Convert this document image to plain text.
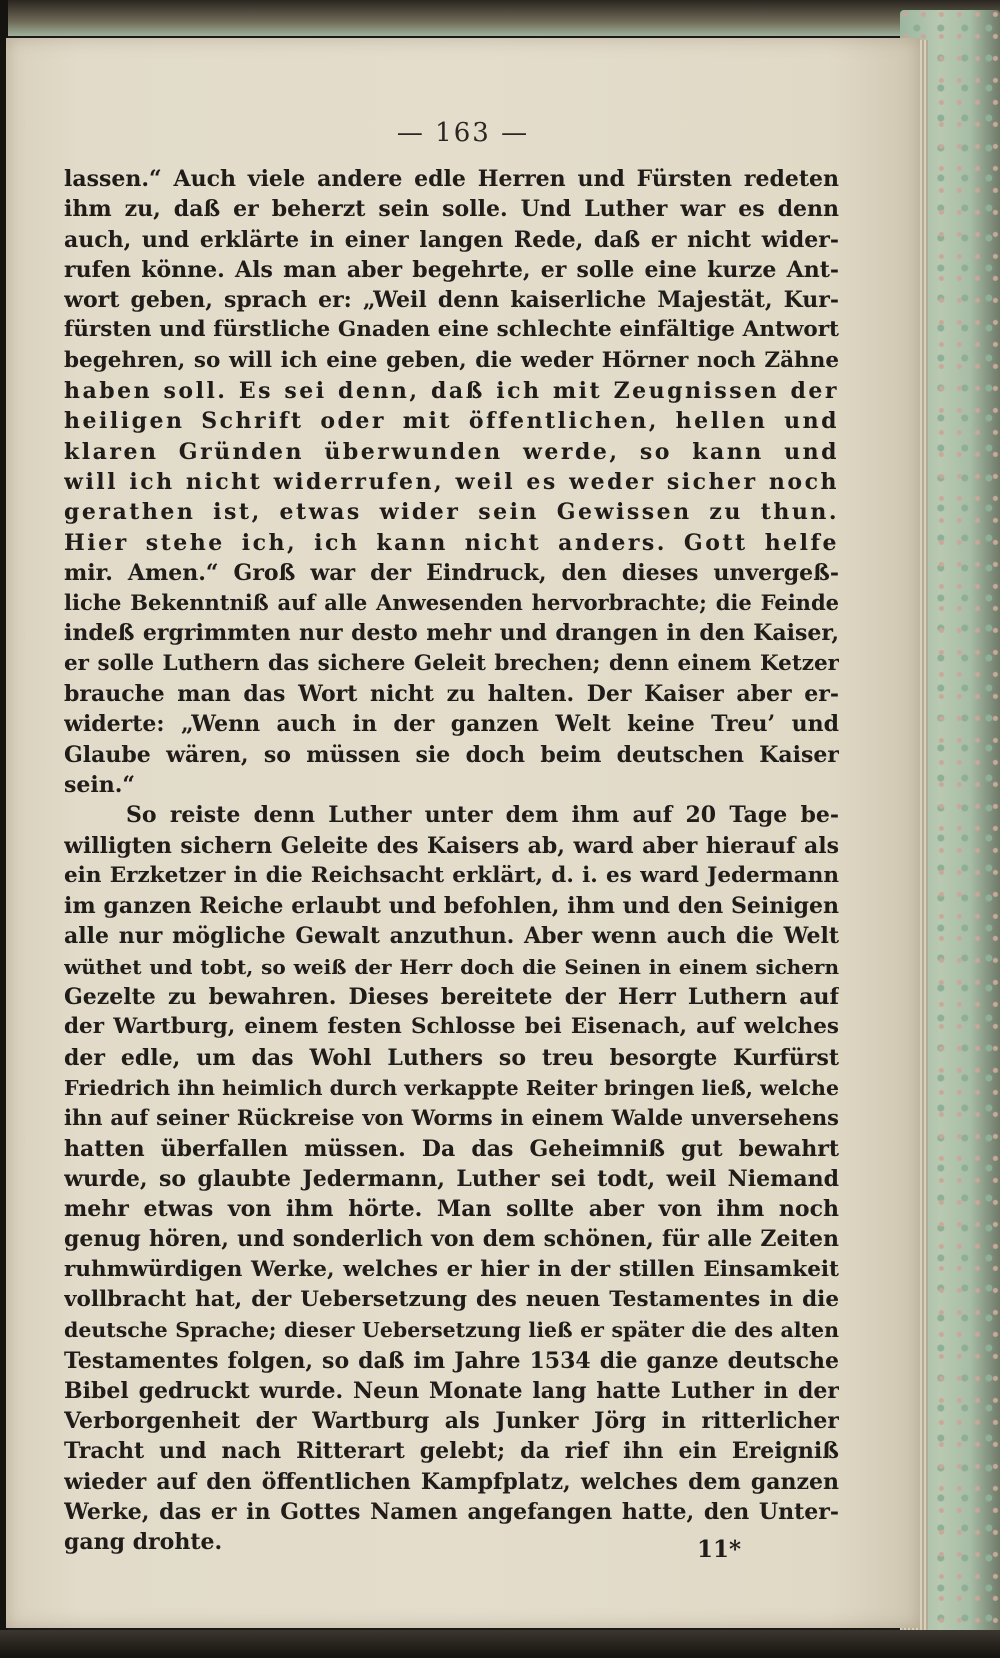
— 163 —
lassen.“ Auch viele andere edle Herren und Fürsten redeten
ihm zu, daß er beherzt sein solle. Und Luther war es denn
auch, und erklärte in einer langen Rede, daß er nicht wider-
rufen könne. Als man aber begehrte, er solle eine kurze Ant-
wort geben, sprach er: „Weil denn kaiserliche Majestät, Kur-
fürsten und fürstliche Gnaden eine schlechte einfältige Antwort
begehren, so will ich eine geben, die weder Hörner noch Zähne
haben soll. Es sei denn, daß ich mit Zeugnissen der
heiligen Schrift oder mit öffentlichen, hellen und
klaren Gründen überwunden werde, so kann und
will ich nicht widerrufen, weil es weder sicher noch
gerathen ist, etwas wider sein Gewissen zu thun.
Hier stehe ich, ich kann nicht anders. Gott helfe
mir. Amen.“ Groß war der Eindruck, den dieses unvergeß-
liche Bekenntniß auf alle Anwesenden hervorbrachte; die Feinde
indeß ergrimmten nur desto mehr und drangen in den Kaiser,
er solle Luthern das sichere Geleit brechen; denn einem Ketzer
brauche man das Wort nicht zu halten. Der Kaiser aber er-
widerte: „Wenn auch in der ganzen Welt keine Treu’ und
Glaube wären, so müssen sie doch beim deutschen Kaiser
sein.“
So reiste denn Luther unter dem ihm auf 20 Tage be-
willigten sichern Geleite des Kaisers ab, ward aber hierauf als
ein Erzketzer in die Reichsacht erklärt, d. i. es ward Jedermann
im ganzen Reiche erlaubt und befohlen, ihm und den Seinigen
alle nur mögliche Gewalt anzuthun. Aber wenn auch die Welt
wüthet und tobt, so weiß der Herr doch die Seinen in einem sichern
Gezelte zu bewahren. Dieses bereitete der Herr Luthern auf
der Wartburg, einem festen Schlosse bei Eisenach, auf welches
der edle, um das Wohl Luthers so treu besorgte Kurfürst
Friedrich ihn heimlich durch verkappte Reiter bringen ließ, welche
ihn auf seiner Rückreise von Worms in einem Walde unversehens
hatten überfallen müssen. Da das Geheimniß gut bewahrt
wurde, so glaubte Jedermann, Luther sei todt, weil Niemand
mehr etwas von ihm hörte. Man sollte aber von ihm noch
genug hören, und sonderlich von dem schönen, für alle Zeiten
ruhmwürdigen Werke, welches er hier in der stillen Einsamkeit
vollbracht hat, der Uebersetzung des neuen Testamentes in die
deutsche Sprache; dieser Uebersetzung ließ er später die des alten
Testamentes folgen, so daß im Jahre 1534 die ganze deutsche
Bibel gedruckt wurde. Neun Monate lang hatte Luther in der
Verborgenheit der Wartburg als Junker Jörg in ritterlicher
Tracht und nach Ritterart gelebt; da rief ihn ein Ereigniß
wieder auf den öffentlichen Kampfplatz, welches dem ganzen
Werke, das er in Gottes Namen angefangen hatte, den Unter-
gang drohte.	11*
